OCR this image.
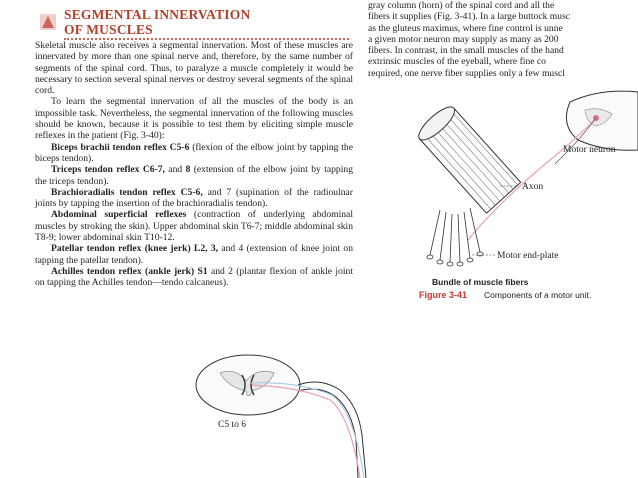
SEGMENTAL INNERVATION
OF MUSCLES

Skeletal muscle also receives a segmental innervation. Most of these muscles are innervated by more than one spinal nerve and, therefore, by the same number of segments of the spinal cord. Thus, to paralyze a muscle completely it would be necessary to section several spinal nerves or destroy several segments of the spinal cord.

To learn the segmental innervation of all the muscles of the body is an impossible task. Nevertheless, the segmental innervation of the following muscles should be known, because it is possible to test them by eliciting simple muscle reflexes in the patient (Fig. 3-40):

Biceps brachii tendon reflex C5-6 (flexion of the elbow joint by tapping the biceps tendon).

Triceps tendon reflex C6-7, and 8 (extension of the elbow joint by tapping the triceps tendon).

Brachioradialis tendon reflex C5-6, and 7 (supination of the radioulnar joints by tapping the insertion of the brachioradialis tendon).

Abdominal superficial reflexes (contraction of underlying abdominal muscles by stroking the skin). Upper abdominal skin T6-7; middle abdominal skin T8-9; lower abdominal skin T10-12.

Patellar tendon reflex (knee jerk) L2, 3, and 4 (extension of knee joint on tapping the patellar tendon).

Achilles tendon reflex (ankle jerk) S1 and 2 (plantar flexion of ankle joint on tapping the Achilles tendon—tendo calcaneus).

gray column (horn) of the spinal cord and all the

fibers it supplies (Fig. 3-41). In a large buttock musc

as the gluteus maximus, where fine control is unne

a given motor neuron may supply as many as 200

fibers. In contrast, in the small muscles of the hand

extrinsic muscles of the eyeball, where fine co

required, one nerve fiber supplies only a few muscl

Motor neuron
Axon
Motor end-plate
Bundle of muscle fibers
Figure 3-41 Components of a motor unit.
C5 to 6
